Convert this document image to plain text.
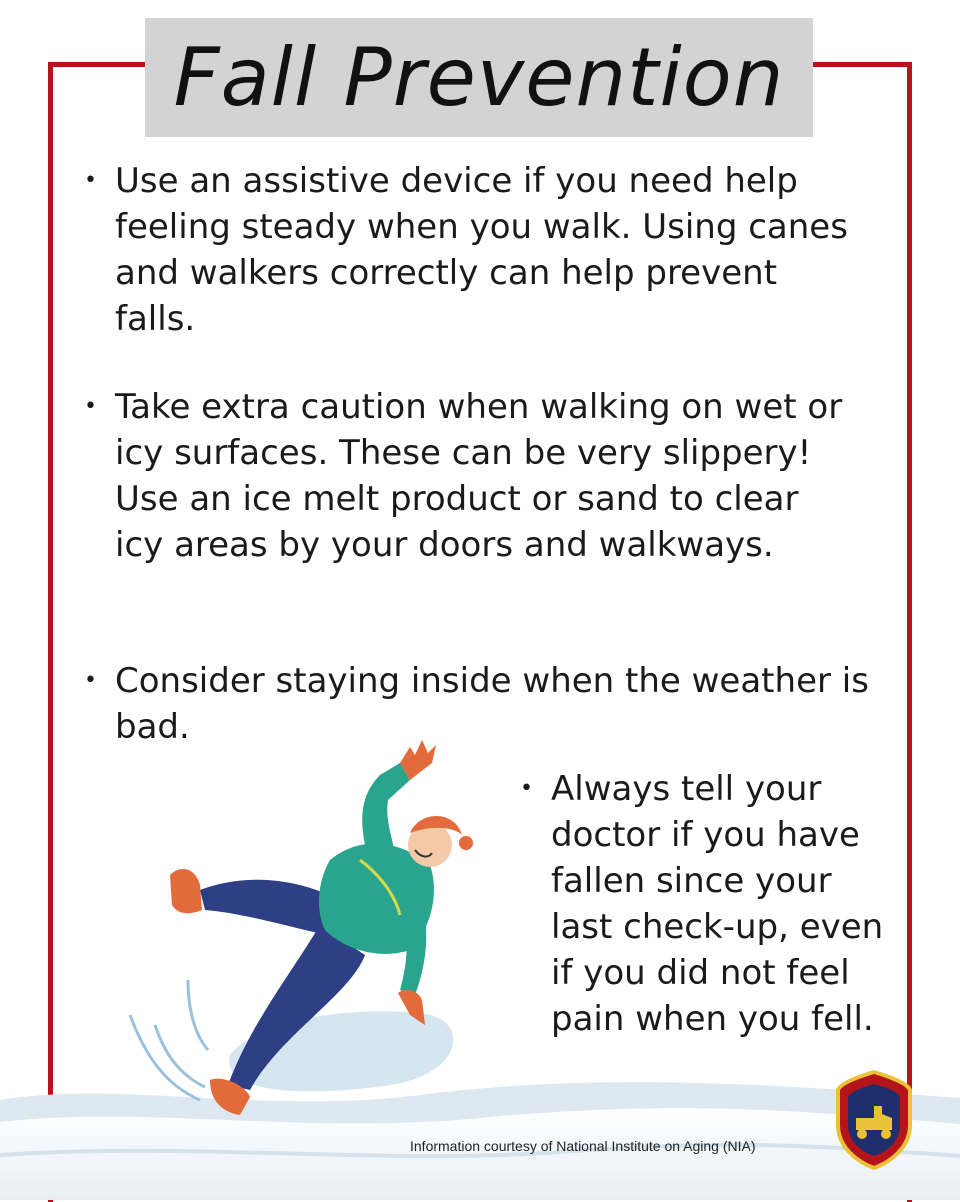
Fall Prevention
• Use an assistive device if you need help feeling steady when you walk. Using canes and walkers correctly can help prevent falls.
• Take extra caution when walking on wet or icy surfaces. These can be very slippery! Use an ice melt product or sand to clear icy areas by your doors and walkways.
• Consider staying inside when the weather is bad.
• Always tell your doctor if you have fallen since your last check-up, even if you did not feel pain when you fell.
Information courtesy of National Institute on Aging (NIA)
